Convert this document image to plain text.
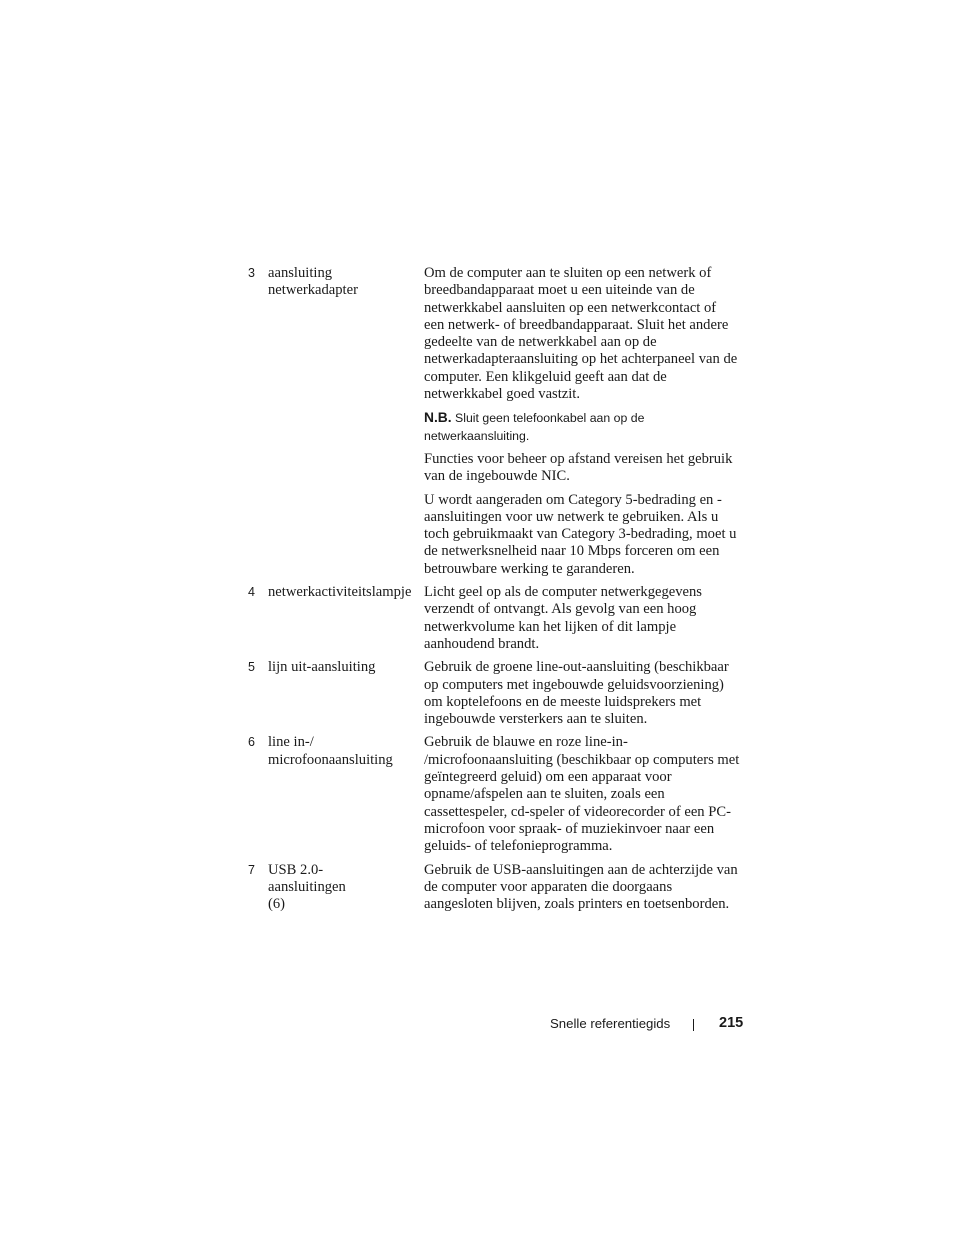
3 aansluiting netwerkadapter

Om de computer aan te sluiten op een netwerk of breedbandapparaat moet u een uiteinde van de netwerkkabel aansluiten op een netwerkcontact of een netwerk- of breedbandapparaat. Sluit het andere gedeelte van de netwerkkabel aan op de netwerkadapteraansluiting op het achterpaneel van de computer. Een klikgeluid geeft aan dat de netwerkkabel goed vastzit.

N.B. Sluit geen telefoonkabel aan op de netwerkaansluiting.

Functies voor beheer op afstand vereisen het gebruik van de ingebouwde NIC.

U wordt aangeraden om Category 5-bedrading en -aansluitingen voor uw netwerk te gebruiken. Als u toch gebruikmaakt van Category 3-bedrading, moet u de netwerksnelheid naar 10 Mbps forceren om een betrouwbare werking te garanderen.

4 netwerkactiviteitslampje Licht geel op als de computer netwerkgegevens verzendt of ontvangt. Als gevolg van een hoog netwerkvolume kan het lijken of dit lampje aanhoudend brandt.

5 lijn uit-aansluiting	Gebruik de groene line-out-aansluiting (beschikbaar op computers met ingebouwde geluidsvoorziening) om koptelefoons en de meeste luidsprekers met ingebouwde versterkers aan te sluiten.

6 line in-/ microfoonaansluiting

Gebruik de blauwe en roze line-in- /microfoonaansluiting (beschikbaar op computers met geïntegreerd geluid) om een apparaat voor opname/afspelen aan te sluiten, zoals een cassettespeler, cd-speler of videorecorder of een PC-microfoon voor spraak- of muziekinvoer naar een geluids- of telefonieprogramma.

7 USB 2.0- aansluitingen (6)

Gebruik de USB-aansluitingen aan de achterzijde van de computer voor apparaten die doorgaans aangesloten blijven, zoals printers en toetsenborden.

Snelle referentiegids	215
